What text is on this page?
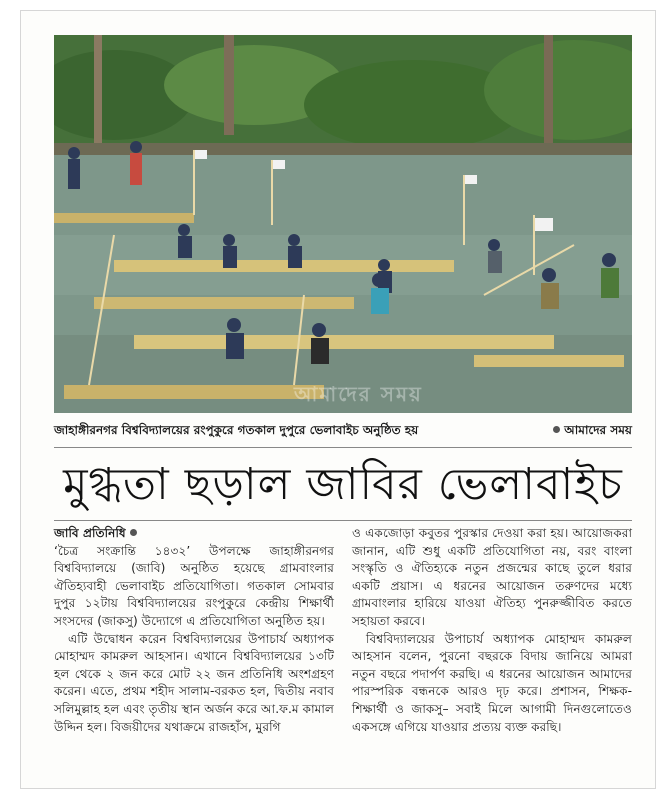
আমাদের সময়
জাহাঙ্গীরনগর বিশ্ববিদ্যালয়ের রংপুকুরে গতকাল দুপুরে ভেলাবাইচ অনুষ্ঠিত হয়	আমাদের সময়
মুগ্ধতা ছড়াল জাবির ভেলাবাইচ

জাবি প্রতিনিধি

‘চৈত্র সংক্রান্তি ১৪৩২’ উপলক্ষে জাহাঙ্গীরনগর বিশ্ববিদ্যালয়ে (জাবি) অনুষ্ঠিত হয়েছে গ্রামবাংলার ঐতিহ্যবাহী ভেলাবাইচ প্রতিযোগিতা। গতকাল সোমবার দুপুর ১২টায় বিশ্ববিদ্যালয়ের রংপুকুরে কেন্দ্রীয় শিক্ষার্থী সংসদের (জাকসু) উদ্যোগে এ প্রতিযোগিতা অনুষ্ঠিত হয়।

এটি উদ্বোধন করেন বিশ্ববিদ্যালয়ের উপাচার্য অধ্যাপক মোহাম্মদ কামরুল আহসান। এখানে বিশ্ববিদ্যালয়ের ১৩টি হল থেকে ২ জন করে মোট ২২ জন প্রতিনিধি অংশগ্রহণ করেন। এতে, প্রথম শহীদ সালাম-বরকত হল, দ্বিতীয় নবাব সলিমুল্লাহ হল এবং তৃতীয় স্থান অর্জন করে আ.ফ.ম কামাল উদ্দিন হল। বিজয়ীদের যথাক্রমে রাজহাঁস, মুরগি

ও একজোড়া কবুতর পুরস্কার দেওয়া করা হয়। আয়োজকরা জানান, এটি শুধু একটি প্রতিযোগিতা নয়, বরং বাংলা সংস্কৃতি ও ঐতিহ্যকে নতুন প্রজন্মের কাছে তুলে ধরার একটি প্রয়াস। এ ধরনের আয়োজন তরুণদের মধ্যে গ্রামবাংলার হারিয়ে যাওয়া ঐতিহ্য পুনরুজ্জীবিত করতে সহায়তা করবে।

বিশ্ববিদ্যালয়ের উপাচার্য অধ্যাপক মোহাম্মদ কামরুল আহসান বলেন, পুরনো বছরকে বিদায় জানিয়ে আমরা নতুন বছরে পদার্পণ করছি। এ ধরনের আয়োজন আমাদের পারস্পরিক বন্ধনকে আরও দৃঢ় করে। প্রশাসন, শিক্ষক-শিক্ষার্থী ও জাকসু– সবাই মিলে আগামী দিনগুলোতেও একসঙ্গে এগিয়ে যাওয়ার প্রত্যয় ব্যক্ত করছি।
